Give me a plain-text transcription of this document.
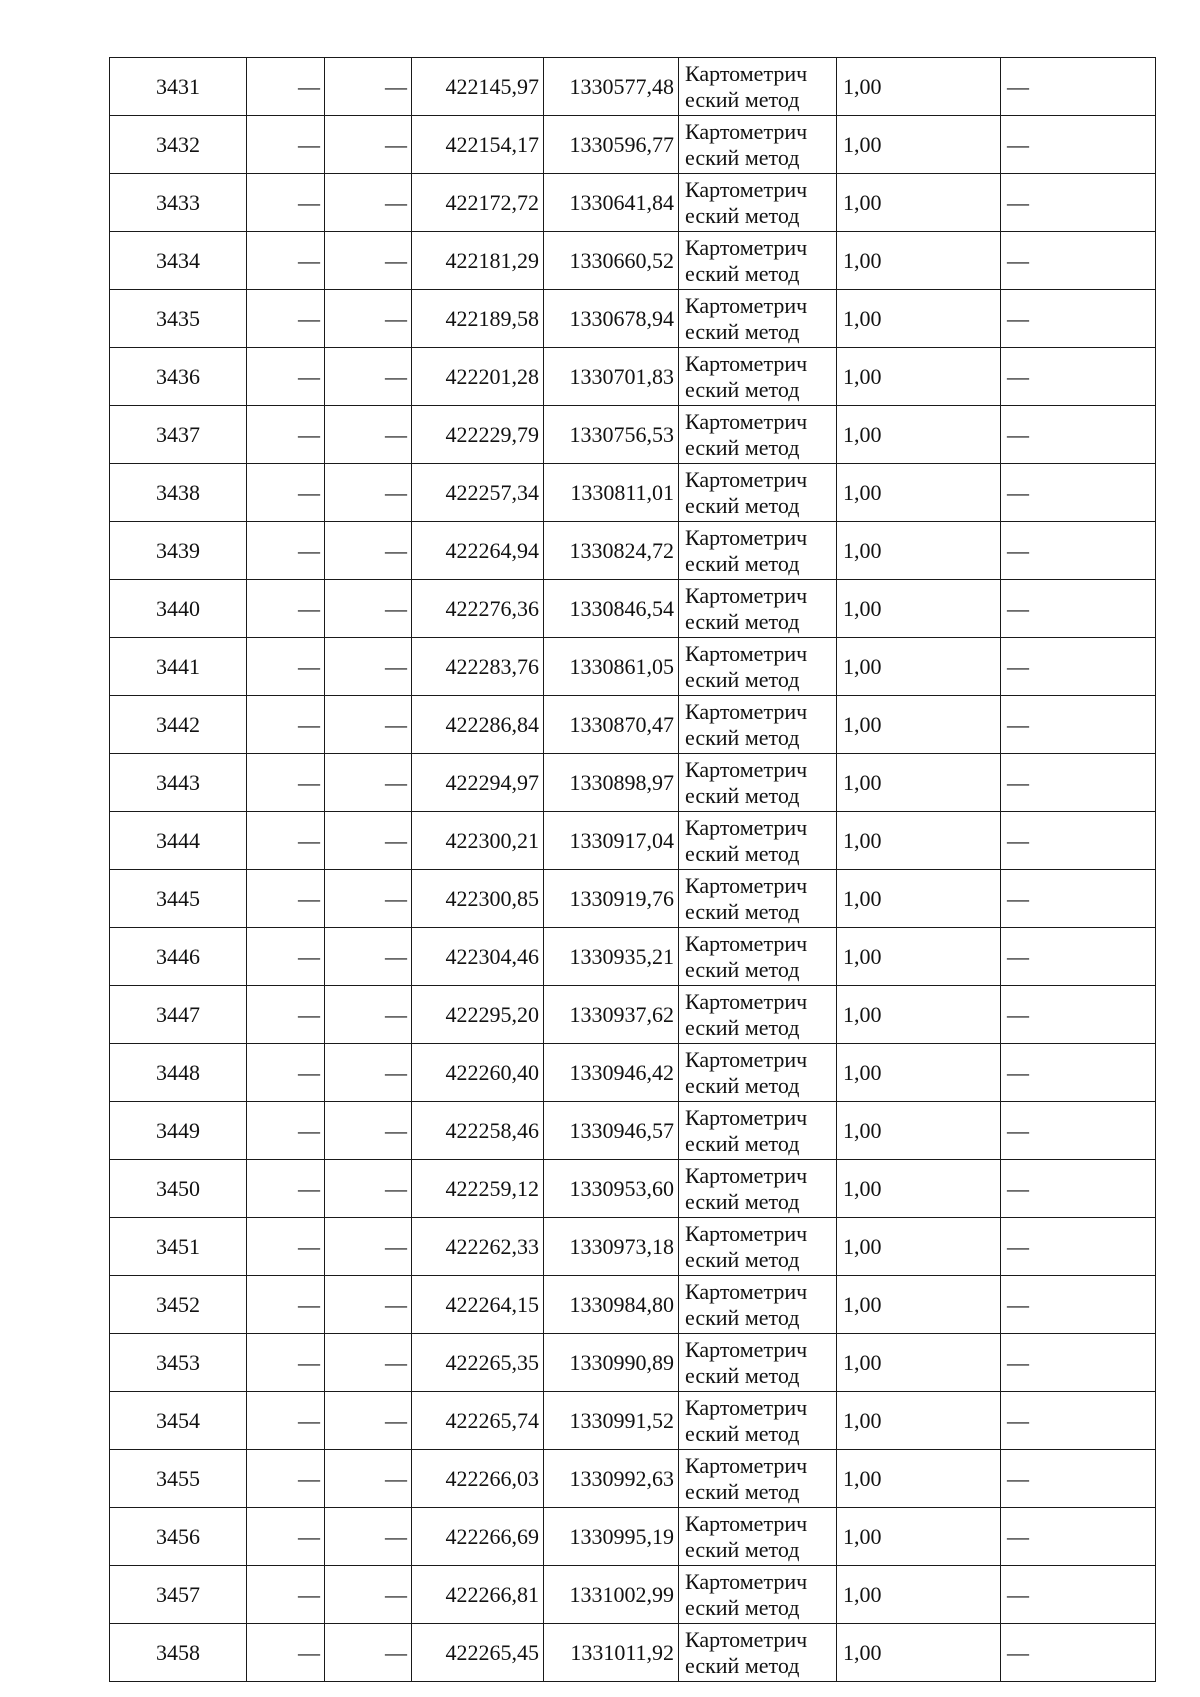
3431	—	—	422145,97	1330577,48	Картометрич
еский метод	1,00	—
3432	—	—	422154,17	1330596,77	Картометрич
еский метод	1,00	—
3433	—	—	422172,72	1330641,84	Картометрич
еский метод	1,00	—
3434	—	—	422181,29	1330660,52	Картометрич
еский метод	1,00	—
3435	—	—	422189,58	1330678,94	Картометрич
еский метод	1,00	—
3436	—	—	422201,28	1330701,83	Картометрич
еский метод	1,00	—
3437	—	—	422229,79	1330756,53	Картометрич
еский метод	1,00	—
3438	—	—	422257,34	1330811,01	Картометрич
еский метод	1,00	—
3439	—	—	422264,94	1330824,72	Картометрич
еский метод	1,00	—
3440	—	—	422276,36	1330846,54	Картометрич
еский метод	1,00	—
3441	—	—	422283,76	1330861,05	Картометрич
еский метод	1,00	—
3442	—	—	422286,84	1330870,47	Картометрич
еский метод	1,00	—
3443	—	—	422294,97	1330898,97	Картометрич
еский метод	1,00	—
3444	—	—	422300,21	1330917,04	Картометрич
еский метод	1,00	—
3445	—	—	422300,85	1330919,76	Картометрич
еский метод	1,00	—
3446	—	—	422304,46	1330935,21	Картометрич
еский метод	1,00	—
3447	—	—	422295,20	1330937,62	Картометрич
еский метод	1,00	—
3448	—	—	422260,40	1330946,42	Картометрич
еский метод	1,00	—
3449	—	—	422258,46	1330946,57	Картометрич
еский метод	1,00	—
3450	—	—	422259,12	1330953,60	Картометрич
еский метод	1,00	—
3451	—	—	422262,33	1330973,18	Картометрич
еский метод	1,00	—
3452	—	—	422264,15	1330984,80	Картометрич
еский метод	1,00	—
3453	—	—	422265,35	1330990,89	Картометрич
еский метод	1,00	—
3454	—	—	422265,74	1330991,52	Картометрич
еский метод	1,00	—
3455	—	—	422266,03	1330992,63	Картометрич
еский метод	1,00	—
3456	—	—	422266,69	1330995,19	Картометрич
еский метод	1,00	—
3457	—	—	422266,81	1331002,99	Картометрич
еский метод	1,00	—
3458	—	—	422265,45	1331011,92	Картометрич
еский метод	1,00	—
